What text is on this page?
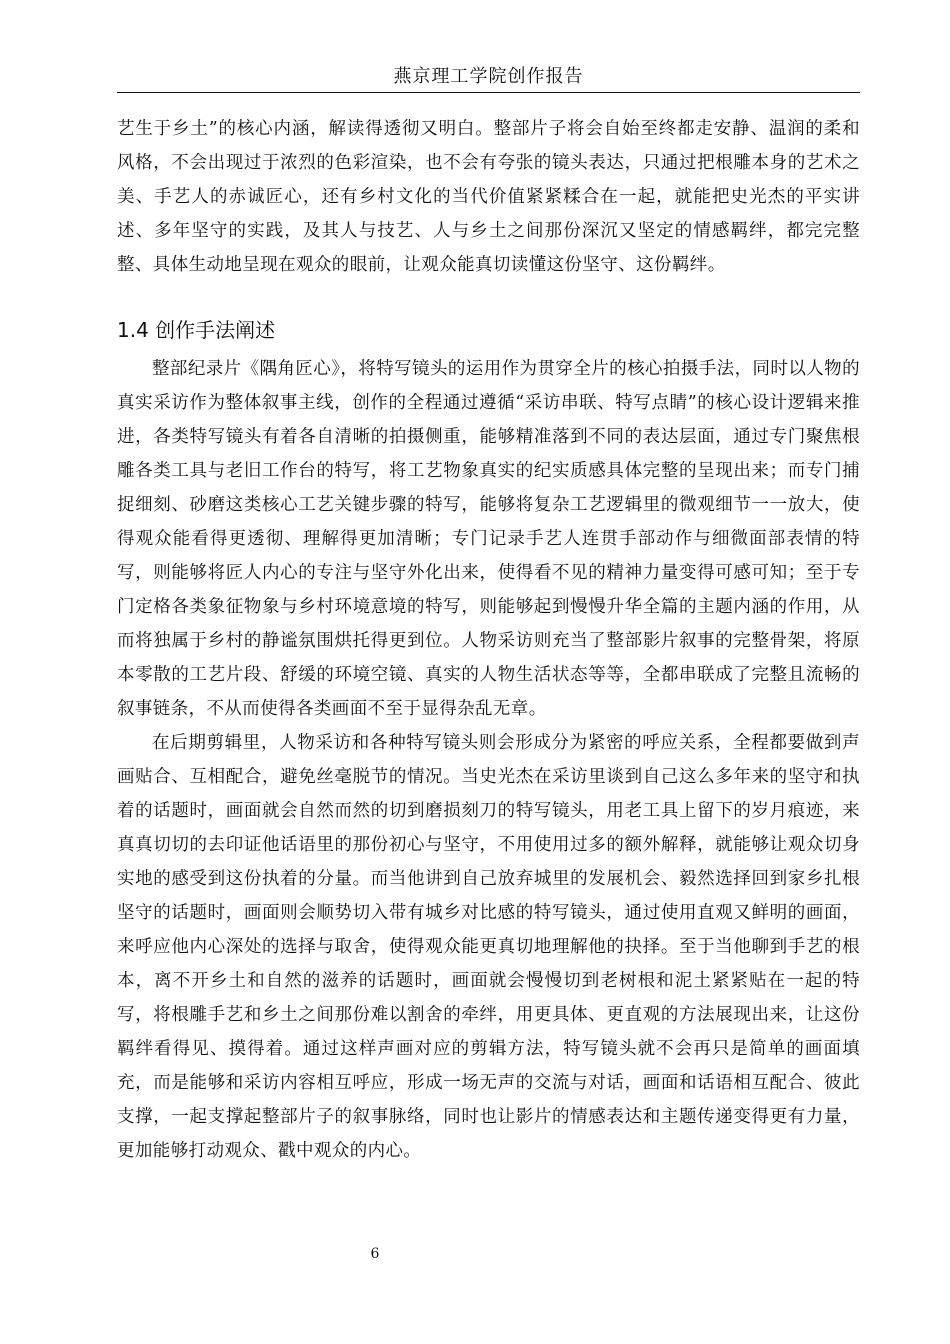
燕京理工学院创作报告

艺生于乡土”的核心内涵，解读得透彻又明白。整部片子将会自始至终都走安静、温润的柔和风格，不会出现过于浓烈的色彩渲染，也不会有夸张的镜头表达，只通过把根雕本身的艺术之美、手艺人的赤诚匠心，还有乡村文化的当代价值紧紧糅合在一起，就能把史光杰的平实讲述、多年坚守的实践，及其人与技艺、人与乡土之间那份深沉又坚定的情感羁绊，都完完整整、具体生动地呈现在观众的眼前，让观众能真切读懂这份坚守、这份羁绊。

1.4 创作手法阐述

整部纪录片《隅角匠心》，将特写镜头的运用作为贯穿全片的核心拍摄手法，同时以人物的真实采访作为整体叙事主线，创作的全程通过遵循“采访串联、特写点睛”的核心设计逻辑来推进，各类特写镜头有着各自清晰的拍摄侧重，能够精准落到不同的表达层面，通过专门聚焦根雕各类工具与老旧工作台的特写，将工艺物象真实的纪实质感具体完整的呈现出来；而专门捕捉细刻、砂磨这类核心工艺关键步骤的特写，能够将复杂工艺逻辑里的微观细节一一放大，使得观众能看得更透彻、理解得更加清晰；专门记录手艺人连贯手部动作与细微面部表情的特写，则能够将匠人内心的专注与坚守外化出来，使得看不见的精神力量变得可感可知；至于专门定格各类象征物象与乡村环境意境的特写，则能够起到慢慢升华全篇的主题内涵的作用，从而将独属于乡村的静谧氛围烘托得更到位。人物采访则充当了整部影片叙事的完整骨架，将原本零散的工艺片段、舒缓的环境空镜、真实的人物生活状态等等，全都串联成了完整且流畅的叙事链条，不从而使得各类画面不至于显得杂乱无章。

在后期剪辑里，人物采访和各种特写镜头则会形成分为紧密的呼应关系，全程都要做到声画贴合、互相配合，避免丝毫脱节的情况。当史光杰在采访里谈到自己这么多年来的坚守和执着的话题时，画面就会自然而然的切到磨损刻刀的特写镜头，用老工具上留下的岁月痕迹，来真真切切的去印证他话语里的那份初心与坚守，不用使用过多的额外解释，就能够让观众切身实地的感受到这份执着的分量。而当他讲到自己放弃城里的发展机会、毅然选择回到家乡扎根坚守的话题时，画面则会顺势切入带有城乡对比感的特写镜头，通过使用直观又鲜明的画面，来呼应他内心深处的选择与取舍，使得观众能更真切地理解他的抉择。至于当他聊到手艺的根本，离不开乡土和自然的滋养的话题时，画面就会慢慢切到老树根和泥土紧紧贴在一起的特写，将根雕手艺和乡土之间那份难以割舍的牵绊，用更具体、更直观的方法展现出来，让这份羁绊看得见、摸得着。通过这样声画对应的剪辑方法，特写镜头就不会再只是简单的画面填充，而是能够和采访内容相互呼应，形成一场无声的交流与对话，画面和话语相互配合、彼此支撑，一起支撑起整部片子的叙事脉络，同时也让影片的情感表达和主题传递变得更有力量，更加能够打动观众、戳中观众的内心。

6
